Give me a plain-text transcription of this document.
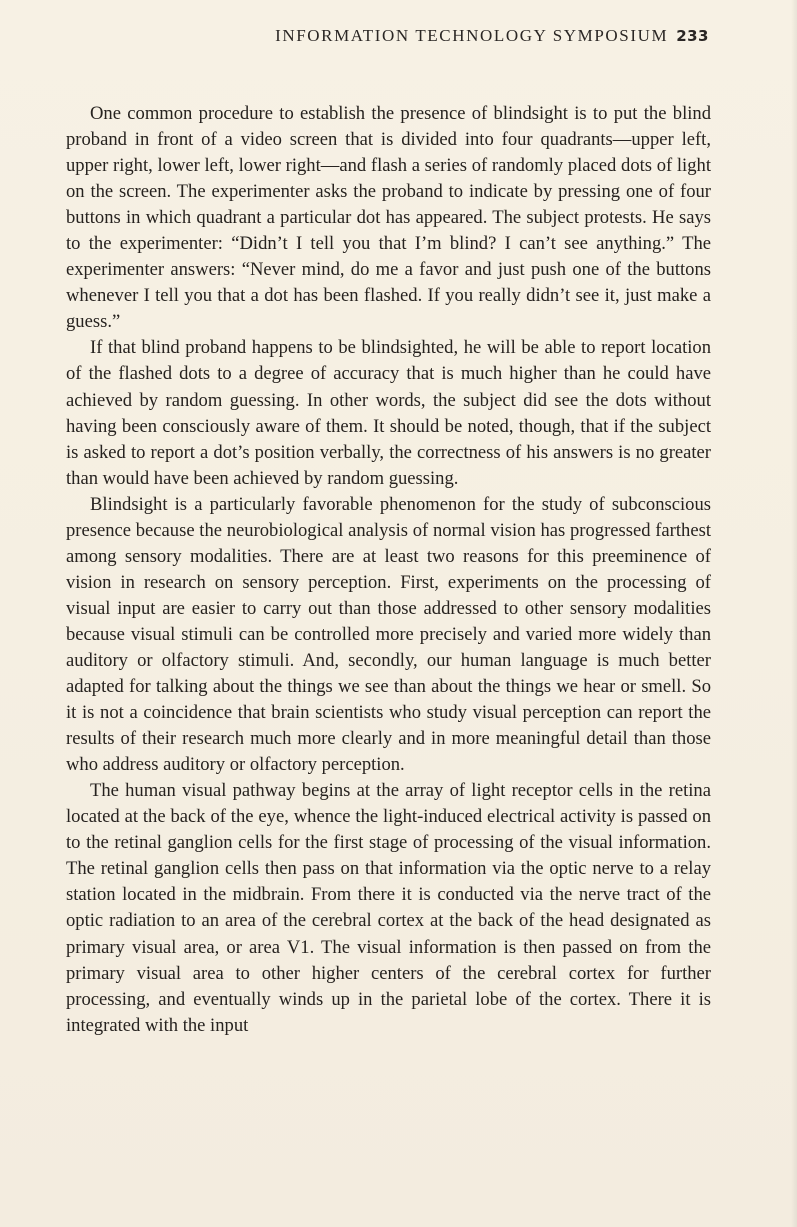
INFORMATION TECHNOLOGY SYMPOSIUM 233

One common procedure to establish the presence of blindsight is to put the blind proband in front of a video screen that is divided into four quadrants—upper left, upper right, lower left, lower right—and flash a series of randomly placed dots of light on the screen. The experimenter asks the proband to indicate by pressing one of four buttons in which quadrant a particular dot has appeared. The subject protests. He says to the experimenter: “Didn’t I tell you that I’m blind? I can’t see anything.” The experimenter answers: “Never mind, do me a favor and just push one of the buttons whenever I tell you that a dot has been flashed. If you really didn’t see it, just make a guess.”

If that blind proband happens to be blindsighted, he will be able to report location of the flashed dots to a degree of accuracy that is much higher than he could have achieved by random guessing. In other words, the subject did see the dots without having been consciously aware of them. It should be noted, though, that if the subject is asked to report a dot’s position verbally, the correctness of his answers is no greater than would have been achieved by random guessing.

Blindsight is a particularly favorable phenomenon for the study of subconscious presence because the neurobiological analysis of normal vision has progressed farthest among sensory modalities. There are at least two reasons for this preeminence of vision in research on sensory perception. First, experiments on the processing of visual input are easier to carry out than those addressed to other sensory modalities because visual stimuli can be controlled more precisely and varied more widely than auditory or olfactory stimuli. And, secondly, our human language is much better adapted for talking about the things we see than about the things we hear or smell. So it is not a coincidence that brain scientists who study visual perception can report the results of their research much more clearly and in more meaningful detail than those who address auditory or olfactory perception.

The human visual pathway begins at the array of light receptor cells in the retina located at the back of the eye, whence the light-induced electrical activity is passed on to the retinal ganglion cells for the first stage of processing of the visual information. The retinal ganglion cells then pass on that information via the optic nerve to a relay station located in the midbrain. From there it is conducted via the nerve tract of the optic radiation to an area of the cerebral cortex at the back of the head designated as primary visual area, or area V1. The visual information is then passed on from the primary visual area to other higher centers of the cerebral cortex for further processing, and eventually winds up in the parietal lobe of the cortex. There it is integrated with the input
